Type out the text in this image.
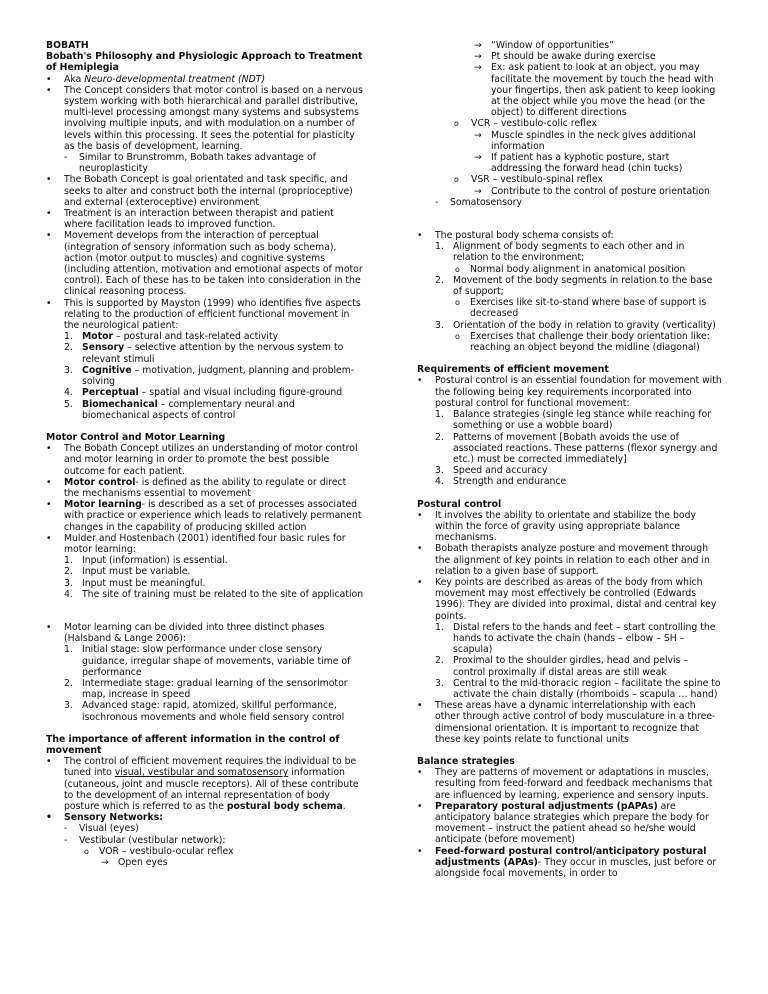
BOBATH

Bobath's Philosophy and Physiologic Approach to Treatment of Hemiplegia

• Aka Neuro-developmental treatment (NDT)

• The Concept considers that motor control is based on a nervous system working with both hierarchical and parallel distributive, multi-level processing amongst many systems and subsystems involving multiple inputs, and with modulation on a number of levels within this processing. It sees the potential for plasticity as the basis of development, learning.

- Similar to Brunstromm, Bobath takes advantage of neuroplasticity

• The Bobath Concept is goal orientated and task specific, and seeks to alter and construct both the internal (proprioceptive) and external (exteroceptive) environment

• Treatment is an interaction between therapist and patient where facilitation leads to improved function.

• Movement develops from the interaction of perceptual (integration of sensory information such as body schema), action (motor output to muscles) and cognitive systems (including attention, motivation and emotional aspects of motor control). Each of these has to be taken into consideration in the clinical reasoning process.

• This is supported by Mayston (1999) who identifies five aspects relating to the production of efficient functional movement in the neurological patient:

1. Motor – postural and task-related activity
2. Sensory – selective attention by the nervous system to relevant stimuli
3. Cognitive – motivation, judgment, planning and problem-solving
4. Perceptual – spatial and visual including figure-ground
5. Biomechanical – complementary neural and biomechanical aspects of control

Motor Control and Motor Learning

• The Bobath Concept utilizes an understanding of motor control and motor learning in order to promote the best possible outcome for each patient.

• Motor control- is defined as the ability to regulate or direct the mechanisms essential to movement

• Motor learning- is described as a set of processes associated with practice or experience which leads to relatively permanent changes in the capability of producing skilled action

• Mulder and Hostenbach (2001) identified four basic rules for motor learning:

1. Input (information) is essential.
2. Input must be variable.
3. Input must be meaningful.
4. The site of training must be related to the site of application

• Motor learning can be divided into three distinct phases (Halsband & Lange 2006):

1. Initial stage: slow performance under close sensory guidance, irregular shape of movements, variable time of performance
2. Intermediate stage: gradual learning of the sensorimotor map, increase in speed
3. Advanced stage: rapid, atomized, skillful performance, isochronous movements and whole field sensory control

The importance of afferent information in the control of movement

• The control of efficient movement requires the individual to be tuned into visual, vestibular and somatosensory information (cutaneous, joint and muscle receptors). All of these contribute to the development of an internal representation of body posture which is referred to as the postural body schema.

• Sensory Networks:

- Visual (eyes)

- Vestibular (vestibular network):

o VOR – vestibulo-ocular reflex

→ Open eyes

→ “Window of opportunities”

→ Pt should be awake during exercise

→ Ex: ask patient to look at an object, you may facilitate the movement by touch the head with your fingertips, then ask patient to keep looking at the object while you move the head (or the object) to different directions

o VCR – vestibulo-colic reflex

→ Muscle spindles in the neck gives additional information

→ If patient has a kyphotic posture, start addressing the forward head (chin tucks)

o VSR – vestibulo-spinal reflex

→ Contribute to the control of posture orientation

- Somatosensory

• The postural body schema consists of:

1. Alignment of body segments to each other and in relation to the environment;

o Normal body alignment in anatomical position

2. Movement of the body segments in relation to the base of support;

o Exercises like sit-to-stand where base of support is decreased

3. Orientation of the body in relation to gravity (verticality)

o Exercises that challenge their body orientation like: reaching an object beyond the midline (diagonal)

Requirements of efficient movement

• Postural control is an essential foundation for movement with the following being key requirements incorporated into postural control for functional movement:

1. Balance strategies (single leg stance while reaching for something or use a wobble board)
2. Patterns of movement [Bobath avoids the use of associated reactions. These patterns (flexor synergy and etc.) must be corrected immediately]
3. Speed and accuracy
4. Strength and endurance

Postural control

• It involves the ability to orientate and stabilize the body within the force of gravity using appropriate balance mechanisms.

• Bobath therapists analyze posture and movement through the alignment of key points in relation to each other and in relation to a given base of support.

• Key points are described as areas of the body from which movement may most effectively be controlled (Edwards 1996). They are divided into proximal, distal and central key points.

1. Distal refers to the hands and feet – start controlling the hands to activate the chain (hands – elbow – SH – scapula)
2. Proximal to the shoulder girdles, head and pelvis – control proximally if distal areas are still weak
3. Central to the mid-thoracic region – facilitate the spine to activate the chain distally (rhomboids – scapula … hand)

• These areas have a dynamic interrelationship with each other through active control of body musculature in a three-dimensional orientation. It is important to recognize that these key points relate to functional units

Balance strategies

• They are patterns of movement or adaptations in muscles, resulting from feed-forward and feedback mechanisms that are influenced by learning, experience and sensory inputs.

• Preparatory postural adjustments (pAPAs) are anticipatory balance strategies which prepare the body for movement – instruct the patient ahead so he/she would anticipate (before movement)

• Feed-forward postural control/anticipatory postural adjustments (APAs)- They occur in muscles, just before or alongside focal movements, in order to
